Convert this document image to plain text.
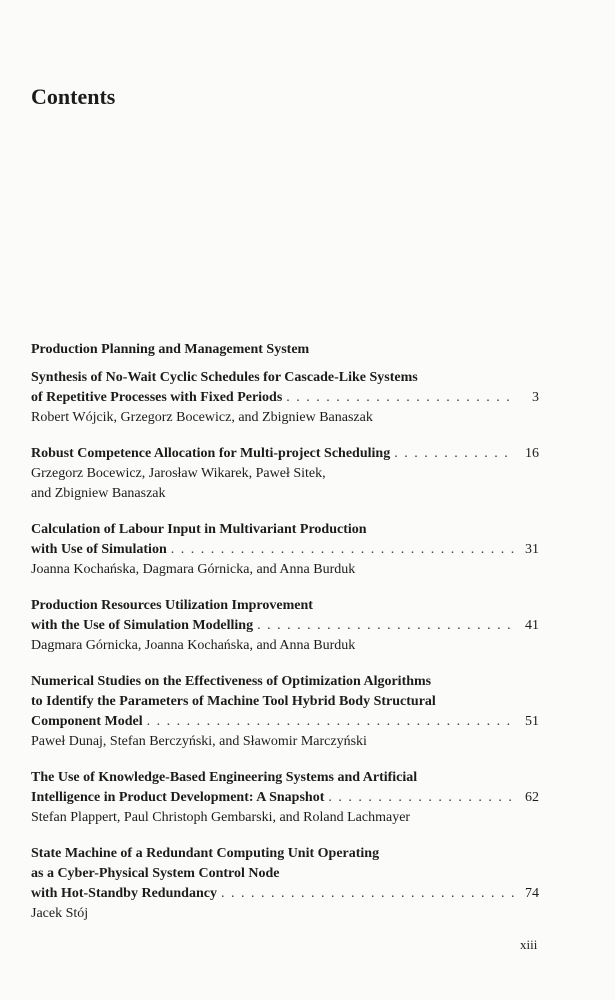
Contents
Production Planning and Management System
Synthesis of No-Wait Cyclic Schedules for Cascade-Like Systems
of Repetitive Processes with Fixed Periods . . .	3
Robert Wójcik, Grzegorz Bocewicz, and Zbigniew Banaszak
Robust Competence Allocation for Multi-project Scheduling . . .	16
Grzegorz Bocewicz, Jarosław Wikarek, Paweł Sitek,
and Zbigniew Banaszak
Calculation of Labour Input in Multivariant Production
with Use of Simulation . . .	31
Joanna Kochańska, Dagmara Górnicka, and Anna Burduk
Production Resources Utilization Improvement
with the Use of Simulation Modelling . . .	41
Dagmara Górnicka, Joanna Kochańska, and Anna Burduk
Numerical Studies on the Effectiveness of Optimization Algorithms
to Identify the Parameters of Machine Tool Hybrid Body Structural
Component Model . . .	51
Paweł Dunaj, Stefan Berczyński, and Sławomir Marczyński
The Use of Knowledge-Based Engineering Systems and Artificial
Intelligence in Product Development: A Snapshot . . .	62
Stefan Plappert, Paul Christoph Gembarski, and Roland Lachmayer
State Machine of a Redundant Computing Unit Operating
as a Cyber-Physical System Control Node
with Hot-Standby Redundancy . . .	74
Jacek Stój
xiii
